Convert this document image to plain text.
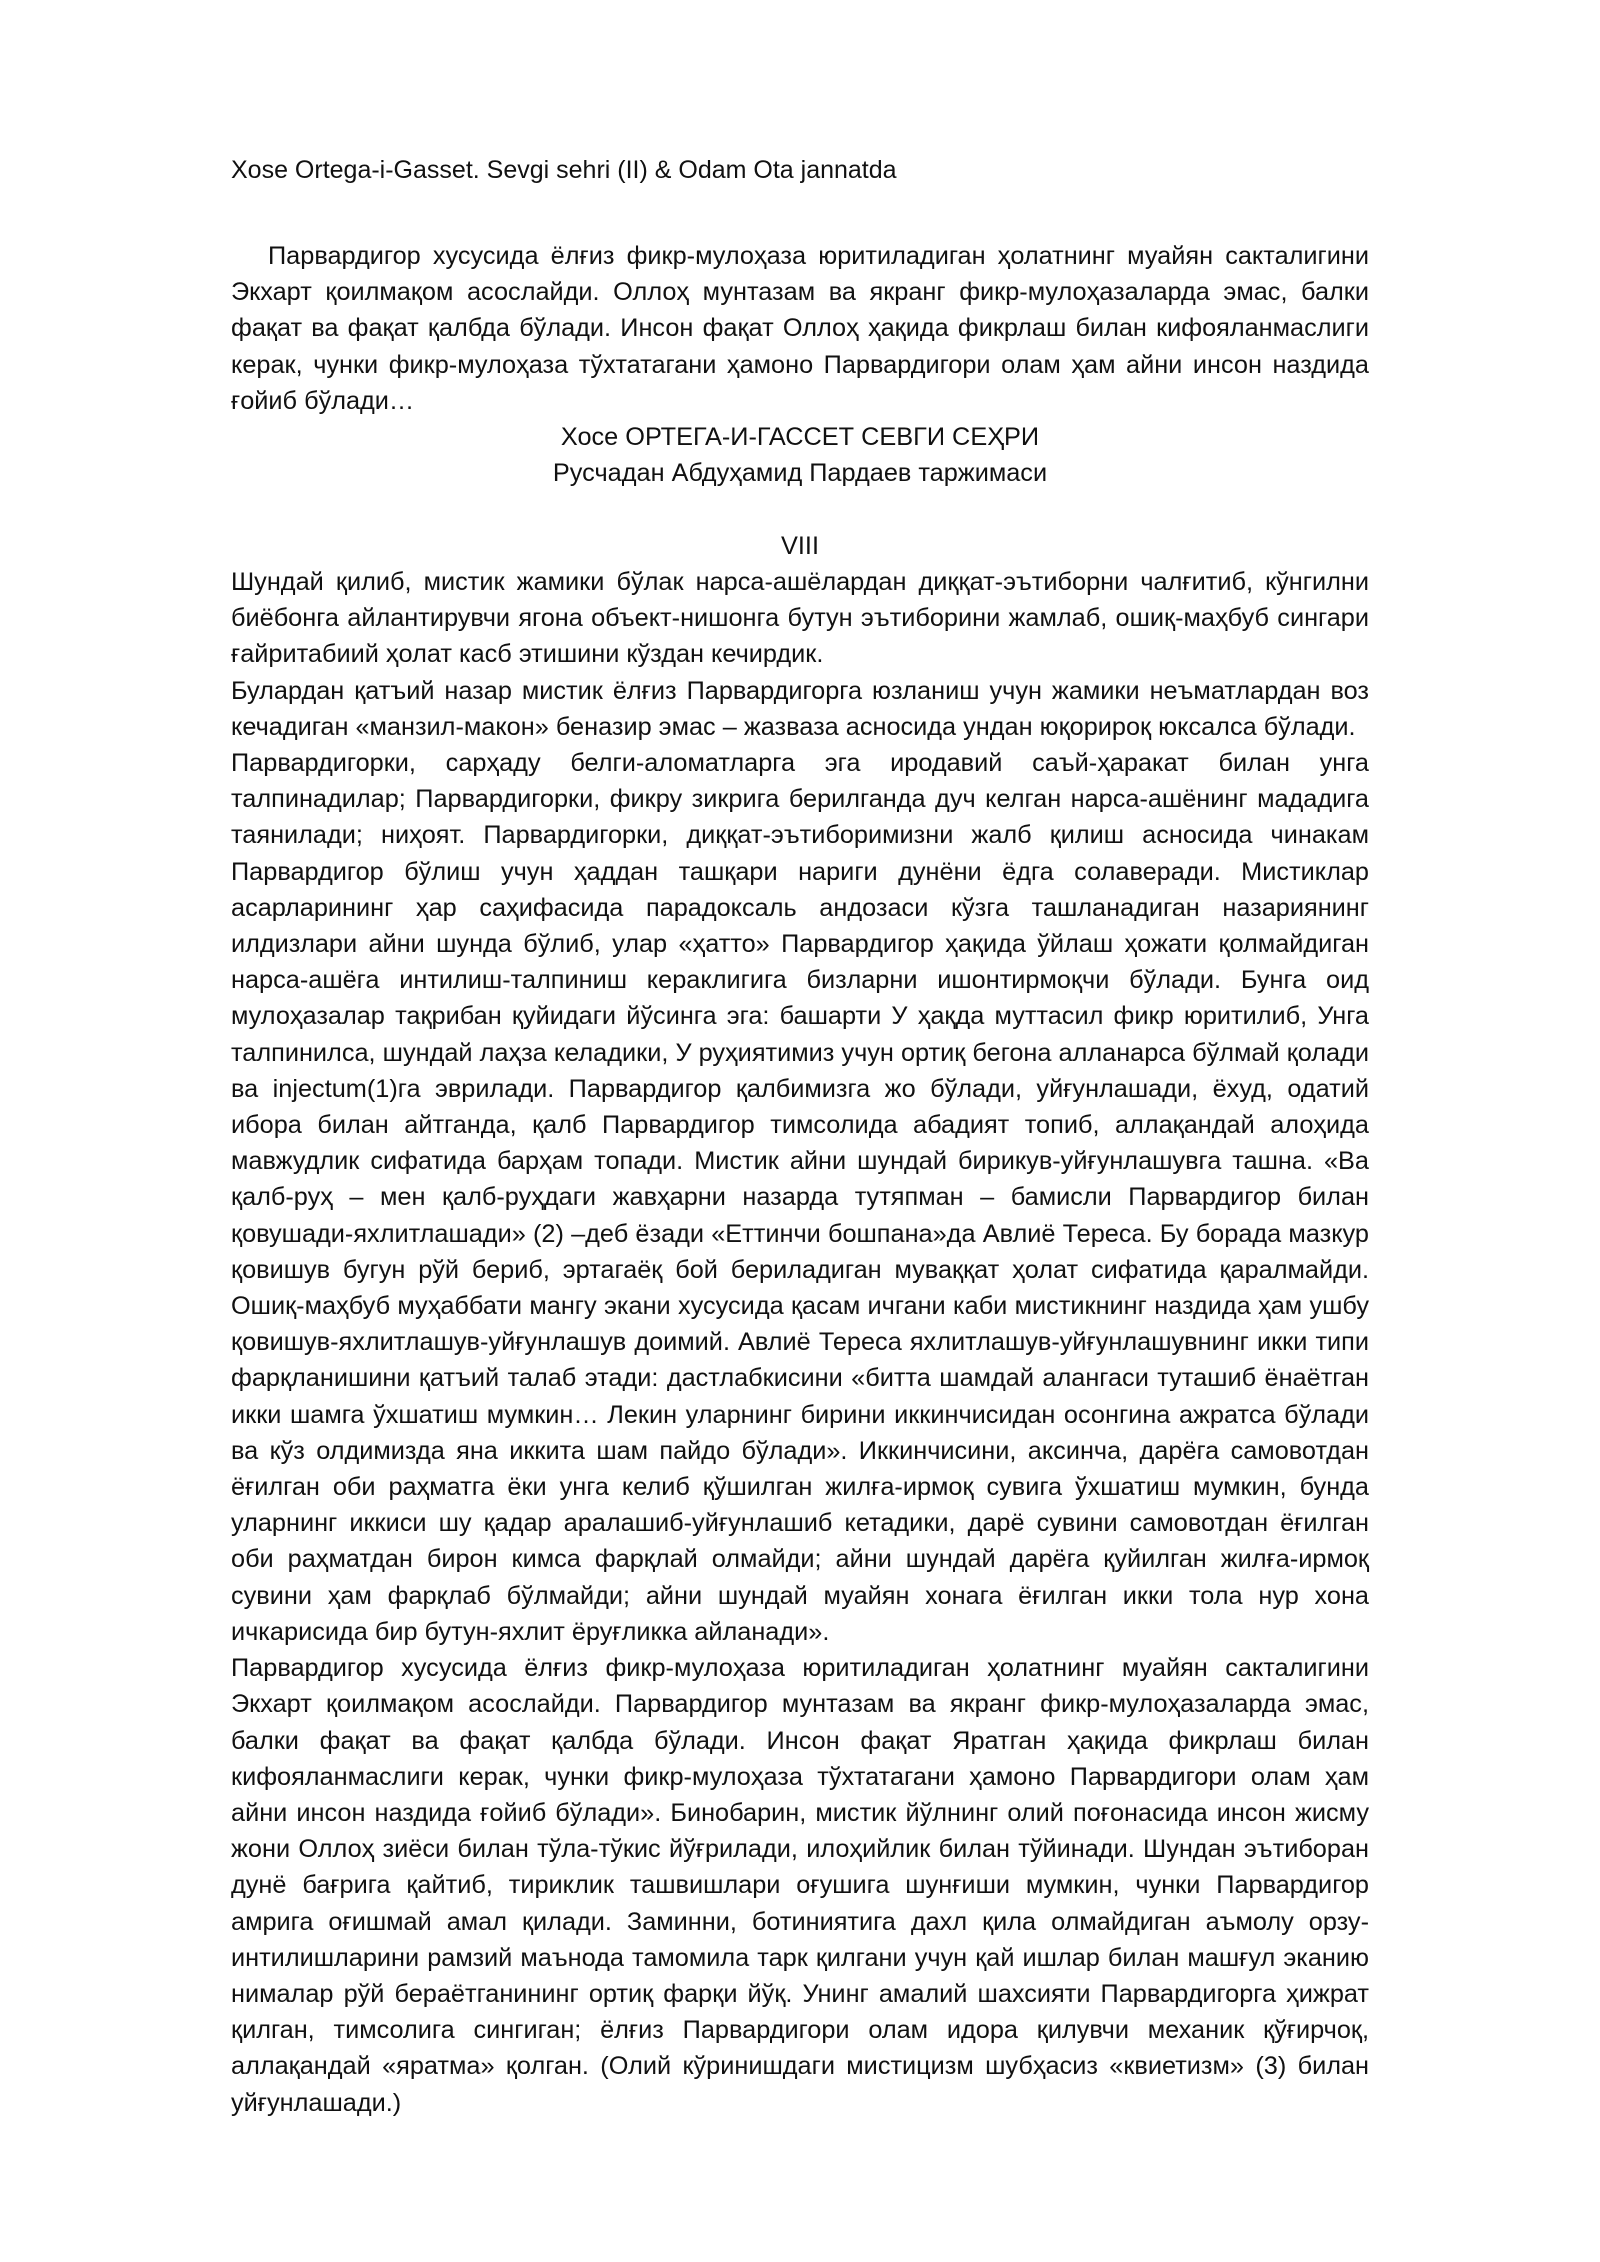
Xose Ortega-i-Gasset. Sevgi sehri (II) & Odam Ota jannatda

Парвардигор хусусида ёлғиз фикр-мулоҳаза юритиладиган ҳолатнинг муайян сакталигини Экхарт қоилмақом асослайди. Оллоҳ мунтазам ва якранг фикр-мулоҳазаларда эмас, балки фақат ва фақат қалбда бўлади. Инсон фақат Оллоҳ ҳақида фикрлаш билан кифояланмаслиги керак, чунки фикр-мулоҳаза тўхтатагани ҳамоно Парвардигори олам ҳам айни инсон наздида ғойиб бўлади…

Хосе ОРТЕГА-И-ГАССЕТ СЕВГИ СЕҲРИ
Русчадан Абдуҳамид Пардаев таржимаси
VIII

Шундай қилиб, мистик жамики бўлак нарса-ашёлардан диққат-эътиборни чалғитиб, кўнгилни биёбонга айлантирувчи ягона объект-нишонга бутун эътиборини жамлаб, ошиқ-маҳбуб сингари ғайритабиий ҳолат касб этишини кўздан кечирдик.

Булардан қатъий назар мистик ёлғиз Парвардигорга юзланиш учун жамики неъматлардан воз кечадиган «манзил-макон» беназир эмас – жазваза асносида ундан юқорироқ юксалса бўлади.

Парвардигорки, сарҳаду белги-аломатларга эга иродавий саъй-ҳаракат билан унга талпинадилар; Парвардигорки, фикру зикрига берилганда дуч келган нарса-ашёнинг мададига таянилади; ниҳоят. Парвардигорки, диққат-эътиборимизни жалб қилиш асносида чинакам Парвардигор бўлиш учун ҳаддан ташқари нариги дунёни ёдга солаверади. Мистиклар асарларининг ҳар саҳифасида парадоксаль андозаси кўзга ташланадиган назариянинг илдизлари айни шунда бўлиб, улар «ҳатто» Парвардигор ҳақида ўйлаш ҳожати қолмайдиган нарса-ашёга интилиш-талпиниш кераклигига бизларни ишонтирмоқчи бўлади. Бунга оид мулоҳазалар тақрибан қуйидаги йўсинга эга: башарти У ҳақда муттасил фикр юритилиб, Унга талпинилса, шундай лаҳза келадики, У руҳиятимиз учун ортиқ бегона алланарса бўлмай қолади ва injectum(1)га эврилади. Парвардигор қалбимизга жо бўлади, уйғунлашади, ёхуд, одатий ибора билан айтганда, қалб Парвардигор тимсолида абадият топиб, аллақандай алоҳида мавжудлик сифатида барҳам топади. Мистик айни шундай бирикув-уйғунлашувга ташна. «Ва қалб-руҳ – мен қалб-руҳдаги жавҳарни назарда тутяпман – бамисли Парвардигор билан қовушади-яхлитлашади» (2) –деб ёзади «Еттинчи бошпана»да Авлиё Тереса. Бу борада мазкур қовишув бугун рўй бериб, эртагаёқ бой бериладиган муваққат ҳолат сифатида қаралмайди. Ошиқ-маҳбуб муҳаббати мангу экани хусусида қасам ичгани каби мистикнинг наздида ҳам ушбу қовишув-яхлитлашув-уйғунлашув доимий. Авлиё Тереса яхлитлашув-уйғунлашувнинг икки типи фарқланишини қатъий талаб этади: дастлабкисини «битта шамдай алангаси туташиб ёнаётган икки шамга ўхшатиш мумкин… Лекин уларнинг бирини иккинчисидан осонгина ажратса бўлади ва кўз олдимизда яна иккита шам пайдо бўлади». Иккинчисини, аксинча, дарёга самовотдан ёғилган оби раҳматга ёки унга келиб қўшилган жилға-ирмоқ сувига ўхшатиш мумкин, бунда уларнинг иккиси шу қадар аралашиб-уйғунлашиб кетадики, дарё сувини самовотдан ёғилган оби раҳматдан бирон кимса фарқлай олмайди; айни шундай дарёга қуйилган жилға-ирмоқ сувини ҳам фарқлаб бўлмайди; айни шундай муайян хонага ёғилган икки тола нур хона ичкарисида бир бутун-яхлит ёруғликка айланади».

Парвардигор хусусида ёлғиз фикр-мулоҳаза юритиладиган ҳолатнинг муайян сакталигини Экхарт қоилмақом асослайди. Парвардигор мунтазам ва якранг фикр-мулоҳазаларда эмас, балки фақат ва фақат қалбда бўлади. Инсон фақат Яратган ҳақида фикрлаш билан кифояланмаслиги керак, чунки фикр-мулоҳаза тўхтатагани ҳамоно Парвардигори олам ҳам айни инсон наздида ғойиб бўлади». Бинобарин, мистик йўлнинг олий поғонасида инсон жисму жони Оллоҳ зиёси билан тўла-тўкис йўғрилади, илоҳийлик билан тўйинади. Шундан эътиборан дунё бағрига қайтиб, тириклик ташвишлари оғушига шунғиши мумкин, чунки Парвардигор амрига оғишмай амал қилади. Заминни, ботиниятига дахл қила олмайдиган аъмолу орзу-интилишларини рамзий маънода тамомила тарк қилгани учун қай ишлар билан машғул эканию нималар рўй бераётганининг ортиқ фарқи йўқ. Унинг амалий шахсияти Парвардигорга ҳижрат қилган, тимсолига сингиган; ёлғиз Парвардигори олам идора қилувчи механик қўғирчоқ, аллақандай «яратма» қолган. (Олий кўринишдаги мистицизм шубҳасиз «квиетизм» (3) билан уйғунлашади.)
